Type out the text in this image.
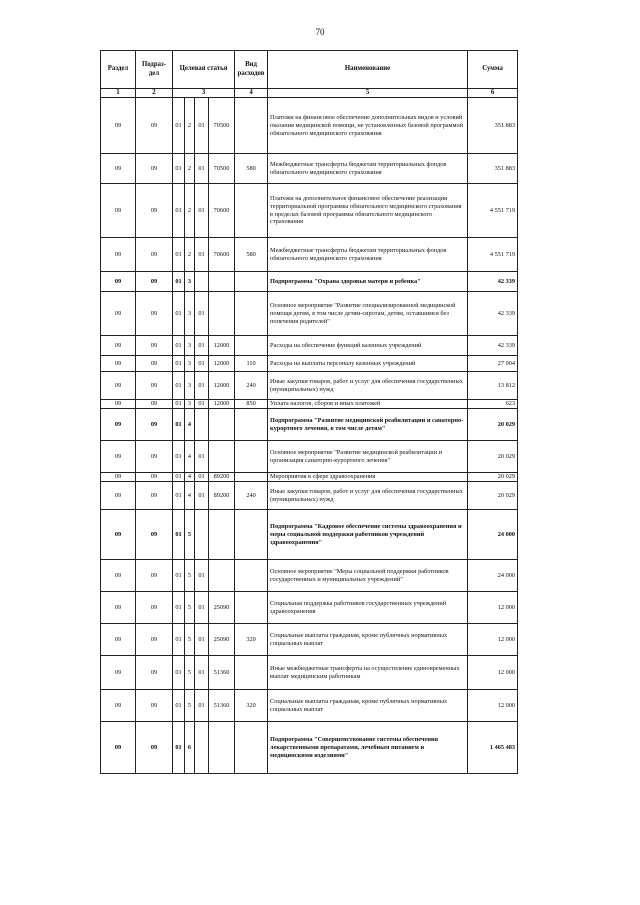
70
Раздел	Подраз-дел	Целевая статья				Вид расходов	Наименование	Сумма
1	2	3				4	5	6
09	09	01	2	01	70500		Платежи на финансовое обеспечение дополнительных видов и условий оказания медицинской помощи, не установленных базовой программой обязательного медицинского страхования	351 883
09	09	01	2	01	70500	580	Межбюджетные трансферты бюджетам территориальных фондов обязательного медицинского страхования	351 883
09	09	01	2	01	70600		Платежи на дополнительное финансовое обеспечение реализации территориальной программы обязательного медицинского страхования в пределах базовой программы обязательного медицинского страхования	4 551 719
09	09	01	2	01	70600	580	Межбюджетные трансферты бюджетам территориальных фондов обязательного медицинского страхования	4 551 719
09	09	01	3				Подпрограмма "Охрана здоровья матери и ребенка"	42 339
09	09	01	3	01			Основное мероприятие "Развитие специализированной медицинской помощи детям, в том числе детям-сиротам, детям, оставшимся без попечения родителей"	42 339
09	09	01	3	01	12000		Расходы на обеспечение функций казенных учреждений	42 339
09	09	01	3	01	12000	110	Расходы на выплаты персоналу казенных учреждений	27 904
09	09	01	3	01	12000	240	Иные закупки товаров, работ и услуг для обеспечения государственных (муниципальных) нужд	13 812
09	09	01	3	01	12000	850	Уплата налогов, сборов и иных платежей	623
09	09	01	4				Подпрограмма "Развитие медицинской реабилитации и санаторно-курортного лечения, в том числе детям"	20 029
09	09	01	4	01			Основное мероприятие "Развитие медицинской реабилитации и организация санаторно-курортного лечения"	20 029
09	09	01	4	01	89200		Мероприятия в сфере здравоохранения	20 029
09	09	01	4	01	89200	240	Иные закупки товаров, работ и услуг для обеспечения государственных (муниципальных) нужд	20 029
09	09	01	5				Подпрограмма "Кадровое обеспечение системы здравоохранения и меры социальной поддержки работников учреждений здравоохранения"	24 000
09	09	01	5	01			Основное мероприятие "Меры социальной поддержки работников государственных и муниципальных учреждений"	24 000
09	09	01	5	01	25090		Социальная поддержка работников государственных учреждений здравоохранения	12 000
09	09	01	5	01	25090	320	Социальные выплаты гражданам, кроме публичных нормативных социальных выплат	12 000
09	09	01	5	01	51360		Иные межбюджетные трансферты на осуществление единовременных выплат медицинским работникам	12 000
09	09	01	5	01	51360	320	Социальные выплаты гражданам, кроме публичных нормативных социальных выплат	12 000
09	09	01	6				Подпрограмма "Совершенствование системы обеспечения лекарственными препаратами, лечебным питанием и медицинскими изделиями"	1 465 483
